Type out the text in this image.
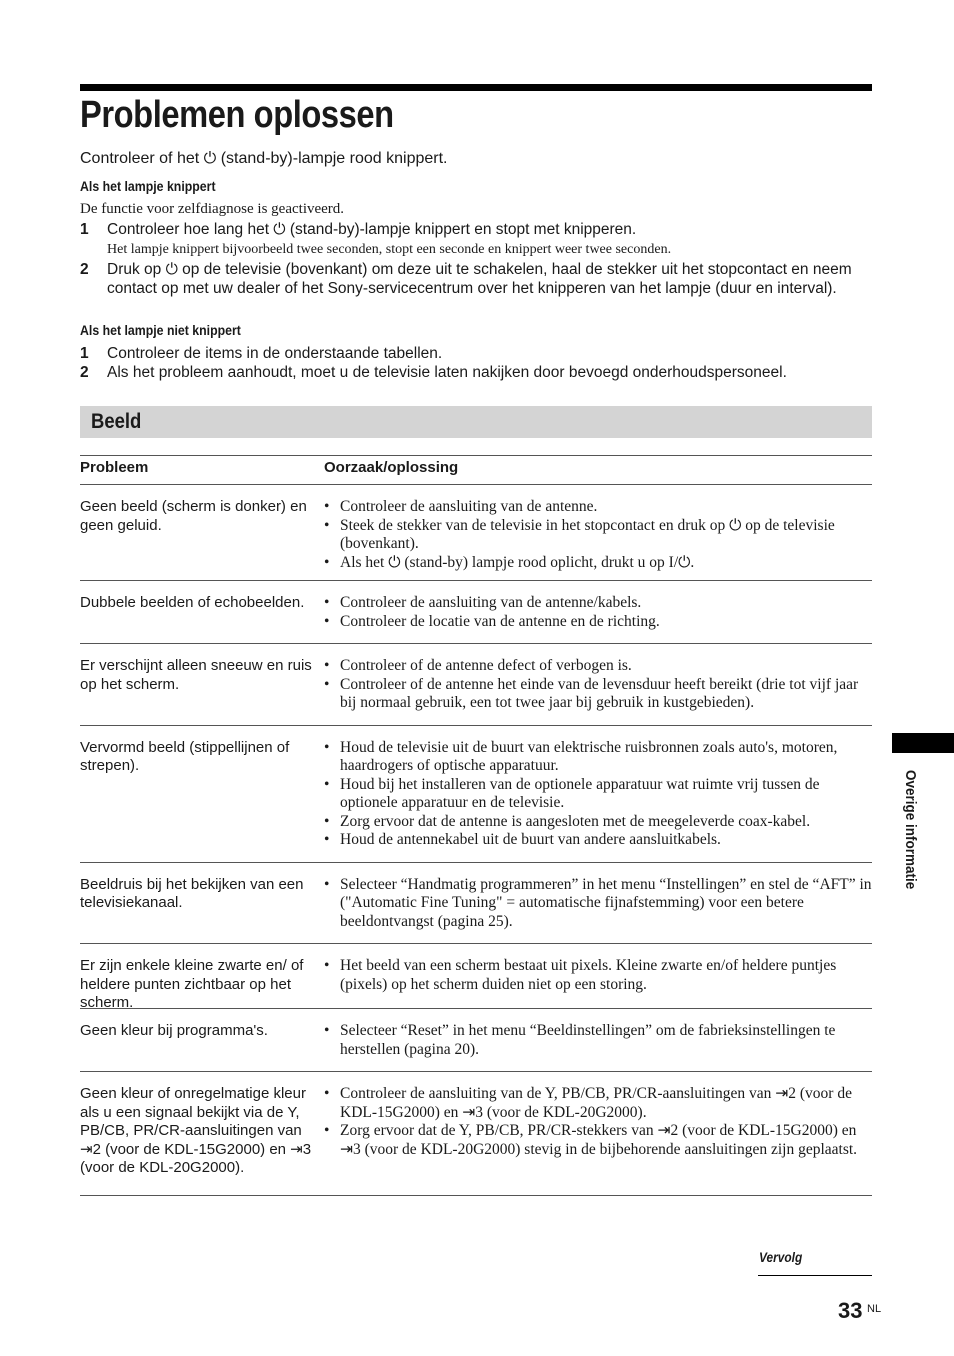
Problemen oplossen
Controleer of het ⏻ (stand-by)-lampje rood knippert.
Als het lampje knippert
De functie voor zelfdiagnose is geactiveerd.
1 Controleer hoe lang het ⏻ (stand-by)-lampje knippert en stopt met knipperen.
Het lampje knippert bijvoorbeeld twee seconden, stopt een seconde en knippert weer twee seconden.
2 Druk op ⏻ op de televisie (bovenkant) om deze uit te schakelen, haal de stekker uit het stopcontact en neem contact op met uw dealer of het Sony-servicecentrum over het knipperen van het lampje (duur en interval).
Als het lampje niet knippert
1 Controleer de items in de onderstaande tabellen.
2 Als het probleem aanhoudt, moet u de televisie laten nakijken door bevoegd onderhoudspersoneel.
Beeld
Probleem	Oorzaak/oplossing
Geen beeld (scherm is donker) en geen geluid.
• Controleer de aansluiting van de antenne.
• Steek de stekker van de televisie in het stopcontact en druk op ⏻ op de televisie (bovenkant).
• Als het ⏻ (stand-by) lampje rood oplicht, drukt u op I/⏻.
Dubbele beelden of echobeelden.	• Controleer de aansluiting van de antenne/kabels.
• Controleer de locatie van de antenne en de richting.
Er verschijnt alleen sneeuw en ruis op het scherm.
• Controleer of de antenne defect of verbogen is.
• Controleer of de antenne het einde van de levensduur heeft bereikt (drie tot vijf jaar bij normaal gebruik, een tot twee jaar bij gebruik in kustgebieden).
Vervormd beeld (stippellijnen of strepen).
• Houd de televisie uit de buurt van elektrische ruisbronnen zoals auto's, motoren, haardrogers of optische apparatuur.
• Houd bij het installeren van de optionele apparatuur wat ruimte vrij tussen de optionele apparatuur en de televisie.
• Zorg ervoor dat de antenne is aangesloten met de meegeleverde coax-kabel.
• Houd de antennekabel uit de buurt van andere aansluitkabels.
Beeldruis bij het bekijken van een televisiekanaal.
• Selecteer “Handmatig programmeren” in het menu “Instellingen” en stel de “AFT” in ("Automatic Fine Tuning" = automatische fijnafstemming) voor een betere beeldontvangst (pagina 25).
Er zijn enkele kleine zwarte en/ of heldere punten zichtbaar op het scherm.
• Het beeld van een scherm bestaat uit pixels. Kleine zwarte en/of heldere puntjes (pixels) op het scherm duiden niet op een storing.
Geen kleur bij programma's.	• Selecteer “Reset” in het menu “Beeldinstellingen” om de fabrieksinstellingen te herstellen (pagina 20).
Geen kleur of onregelmatige kleur als u een signaal bekijkt via de Y, PB/CB, PR/CR-aansluitingen van ⇥2 (voor de KDL-15G2000) en ⇥3 (voor de KDL-20G2000).
• Controleer de aansluiting van de Y, PB/CB, PR/CR-aansluitingen van ⇥2 (voor de KDL-15G2000) en ⇥3 (voor de KDL-20G2000).
• Zorg ervoor dat de Y, PB/CB, PR/CR-stekkers van ⇥2 (voor de KDL-15G2000) en ⇥3 (voor de KDL-20G2000) stevig in de bijbehorende aansluitingen zijn geplaatst.
Overige informatie
Vervolg
33 NL
